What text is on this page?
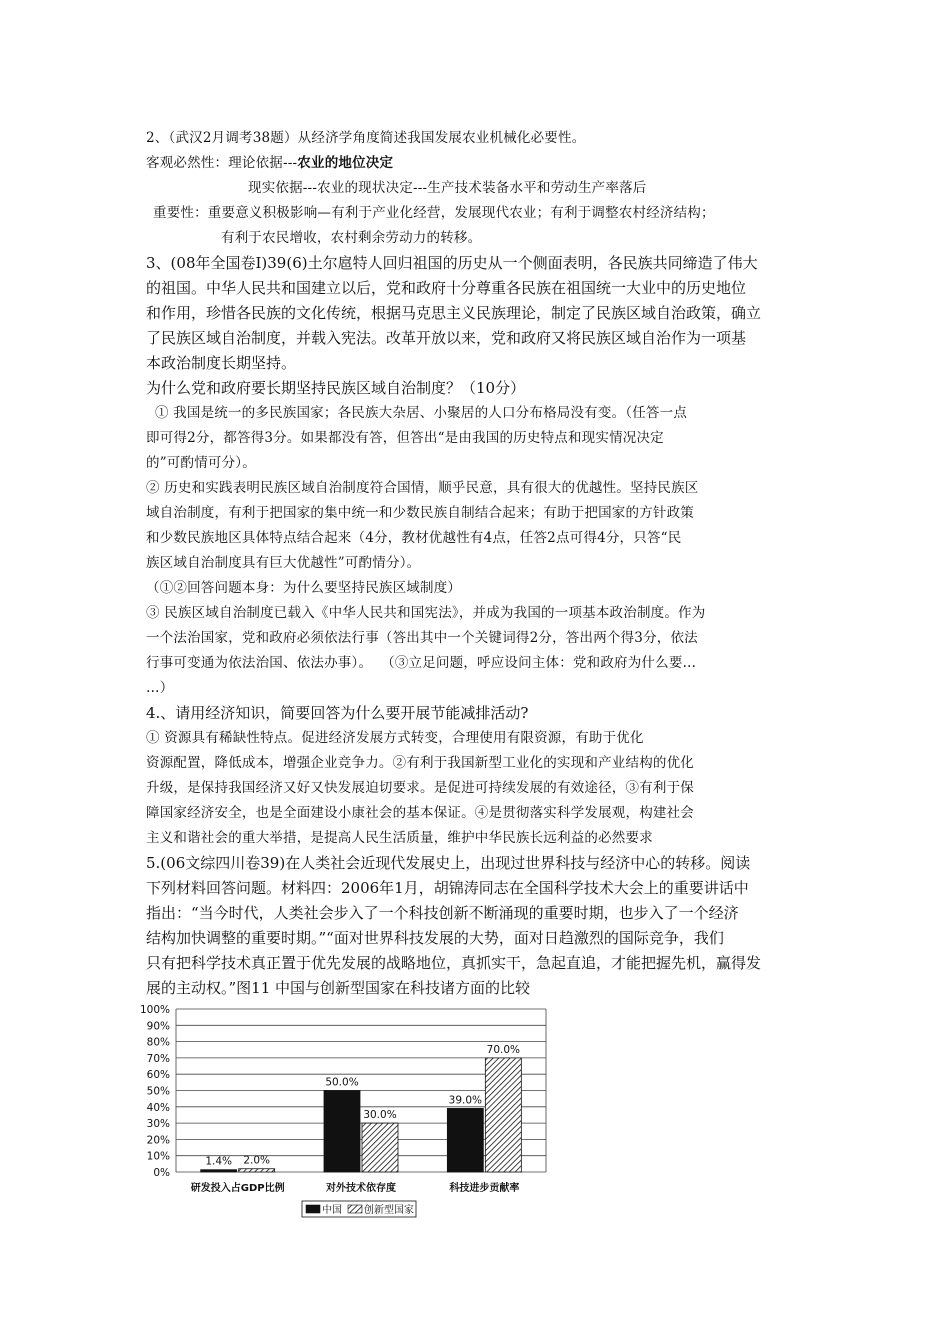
2、（武汉2月调考38题）从经济学角度简述我国发展农业机械化必要性。
客观必然性：理论依据---农业的地位决定
现实依据---农业的现状决定---生产技术装备水平和劳动生产率落后
重要性：重要意义积极影响—有利于产业化经营，发展现代农业；有利于调整农村经济结构；
有利于农民增收，农村剩余劳动力的转移。
3、(08年全国卷I)39(6)土尔扈特人回归祖国的历史从一个侧面表明，各民族共同缔造了伟大
的祖国。中华人民共和国建立以后，党和政府十分尊重各民族在祖国统一大业中的历史地位
和作用，珍惜各民族的文化传统，根据马克思主义民族理论，制定了民族区域自治政策，确立
了民族区域自治制度，并载入宪法。改革开放以来，党和政府又将民族区域自治作为一项基
本政治制度长期坚持。
为什么党和政府要长期坚持民族区域自治制度？（10分）
① 我国是统一的多民族国家；各民族大杂居、小聚居的人口分布格局没有变。（任答一点
即可得2分，都答得3分。如果都没有答，但答出“是由我国的历史特点和现实情况决定
的”可酌情可分）。
② 历史和实践表明民族区域自治制度符合国情，顺乎民意，具有很大的优越性。坚持民族区
域自治制度，有利于把国家的集中统一和少数民族自制结合起来；有助于把国家的方针政策
和少数民族地区具体特点结合起来（4分，教材优越性有4点，任答2点可得4分，只答“民
族区域自治制度具有巨大优越性”可酌情分）。
（①②回答问题本身：为什么要坚持民族区域制度）
③ 民族区域自治制度已载入《中华人民共和国宪法》，并成为我国的一项基本政治制度。作为
一个法治国家，党和政府必须依法行事（答出其中一个关键词得2分，答出两个得3分，依法
行事可变通为依法治国、依法办事）。  （③立足问题，呼应设问主体：党和政府为什么要…
…）
4.、请用经济知识，简要回答为什么要开展节能减排活动?
① 资源具有稀缺性特点。促进经济发展方式转变，合理使用有限资源，有助于优化
资源配置，降低成本，增强企业竞争力。②有利于我国新型工业化的实现和产业结构的优化
升级，是保持我国经济又好又快发展迫切要求。是促进可持续发展的有效途径，③有利于保
障国家经济安全，也是全面建设小康社会的基本保证。④是贯彻落实科学发展观，构建社会
主义和谐社会的重大举措，是提高人民生活质量，维护中华民族长远利益的必然要求
5.(06文综四川卷39)在人类社会近现代发展史上，出现过世界科技与经济中心的转移。阅读
下列材料回答问题。材料四：2006年1月，胡锦涛同志在全国科学技术大会上的重要讲话中
指出：“当今时代，人类社会步入了一个科技创新不断涌现的重要时期，也步入了一个经济
结构加快调整的重要时期。”“面对世界科技发展的大势，面对日趋激烈的国际竞争，我们
只有把科学技术真正置于优先发展的战略地位，真抓实干，急起直追，才能把握先机，赢得发
展的主动权。”图11 中国与创新型国家在科技诸方面的比较
0%
10%
20%
30%
40%
50%
60%
70%
80%
90%
100%
1.4% 2.0%
50.0%
30.0%
39.0%
70.0%
研发投入占GDP比例	对外技术依存度	科技进步贡献率
中国 创新型国家
